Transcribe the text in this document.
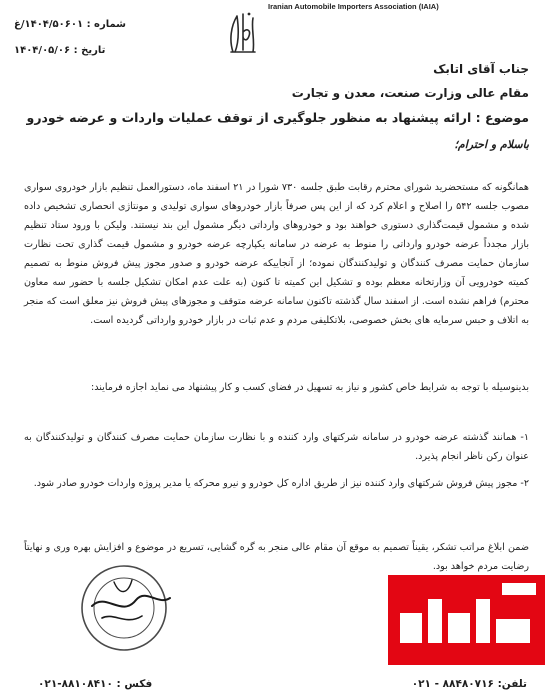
شماره : ۱۴۰۴/۵۰۶۰۱/غ
تاریخ : ۱۴۰۴/۰۵/۰۶
Iranian Automobile Importers Association (IAIA)
جناب آقای اتابک
مقام عالی وزارت صنعت، معدن و تجارت
موضوع : ارائه پیشنهاد به منظور جلوگیری از توقف عملیات واردات و عرضه خودرو
باسلام و احترام؛

همانگونه که مستحضرید شورای محترم رقابت طبق جلسه ۷۳۰ شورا در ۲۱ اسفند ماه، دستورالعمل تنظیم بازار خودروی سواری مصوب جلسه ۵۴۲ را اصلاح و اعلام کرد که از این پس صرفاً بازار خودروهای سواری تولیدی و مونتاژی انحصاری تشخیص داده شده و مشمول قیمت‌گذاری دستوری خواهند بود و خودروهای وارداتی دیگر مشمول این بند نیستند. ولیکن با ورود ستاد تنظیم بازار مجدداً عرضه خودرو وارداتی را منوط به عرضه در سامانه یکپارچه عرضه خودرو و مشمول قیمت گذاری تحت نظارت سازمان حمایت مصرف کنندگان و تولیدکنندگان نموده؛ از آنجاییکه عرضه خودرو و صدور مجوز پیش فروش منوط به تصمیم کمیته خودرویی آن وزارتخانه معظم بوده و تشکیل این کمیته تا کنون (به علت عدم امکان تشکیل جلسه با حضور سه معاون محترم) فراهم نشده است. از اسفند سال گذشته تاکنون سامانه عرضه متوقف و مجوزهای پیش فروش نیز معلق است که منجر به اتلاف و حبس سرمایه های بخش خصوصی، بلاتکلیفی مردم و عدم ثبات در بازار خودرو وارداتی گردیده است.

بدینوسیله با توجه به شرایط خاص کشور و نیاز به تسهیل در فضای کسب و کار پیشنهاد می نماید اجازه فرمایند:

۱- همانند گذشته عرضه خودرو در سامانه شرکتهای وارد کننده و با نظارت سازمان حمایت مصرف کنندگان و تولیدکنندگان به عنوان رکن ناظر انجام پذیرد.

۲- مجوز پیش فروش شرکتهای وارد کننده نیز از طریق اداره کل خودرو و نیرو محرکه یا مدیر پروژه واردات خودرو صادر شود.

ضمن ابلاغ مراتب تشکر، یقیناً تصمیم به موقع آن مقام عالی منجر به گره گشایی، تسریع در موضوع و افزایش بهره وری و نهایتاً رضایت مردم خواهد بود.

تلفن: ۰۲۱ - ۸۸۴۸۰۷۱۶
فکس : ۰۲۱-۸۸۱۰۸۴۱۰
